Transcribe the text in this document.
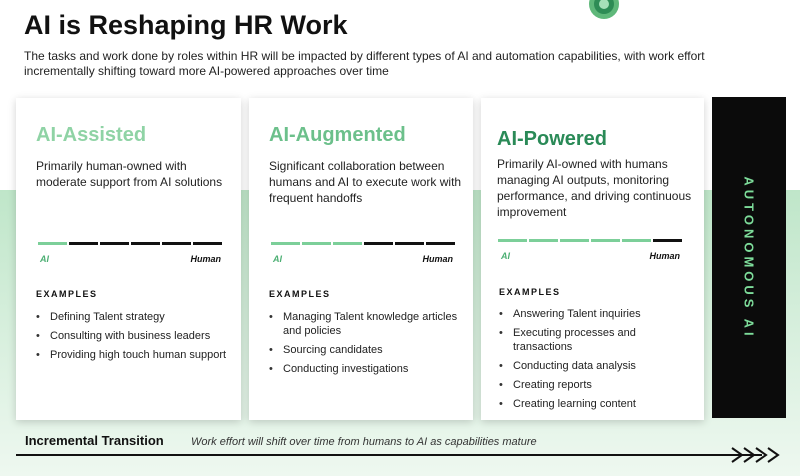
AI is Reshaping HR Work
The tasks and work done by roles within HR will be impacted by different types of AI and automation capabilities, with work effort incrementally shifting toward more AI-powered approaches over time
AI-Assisted
Primarily human-owned with moderate support from AI solutions
AI	Human
EXAMPLES
• Defining Talent strategy
• Consulting with business leaders
• Providing high touch human support
AI-Augmented
Significant collaboration between humans and AI to execute work with frequent handoffs
AI	Human
EXAMPLES
• Managing Talent knowledge articles and policies
• Sourcing candidates
• Conducting investigations
AI-Powered
Primarily AI-owned with humans managing AI outputs, monitoring performance, and driving continuous improvement
AI	Human
EXAMPLES
• Answering Talent inquiries
• Executing processes and transactions
• Conducting data analysis
• Creating reports
• Creating learning content
AUTONOMOUS AI
Incremental Transition Work effort will shift over time from humans to AI as capabilities mature
